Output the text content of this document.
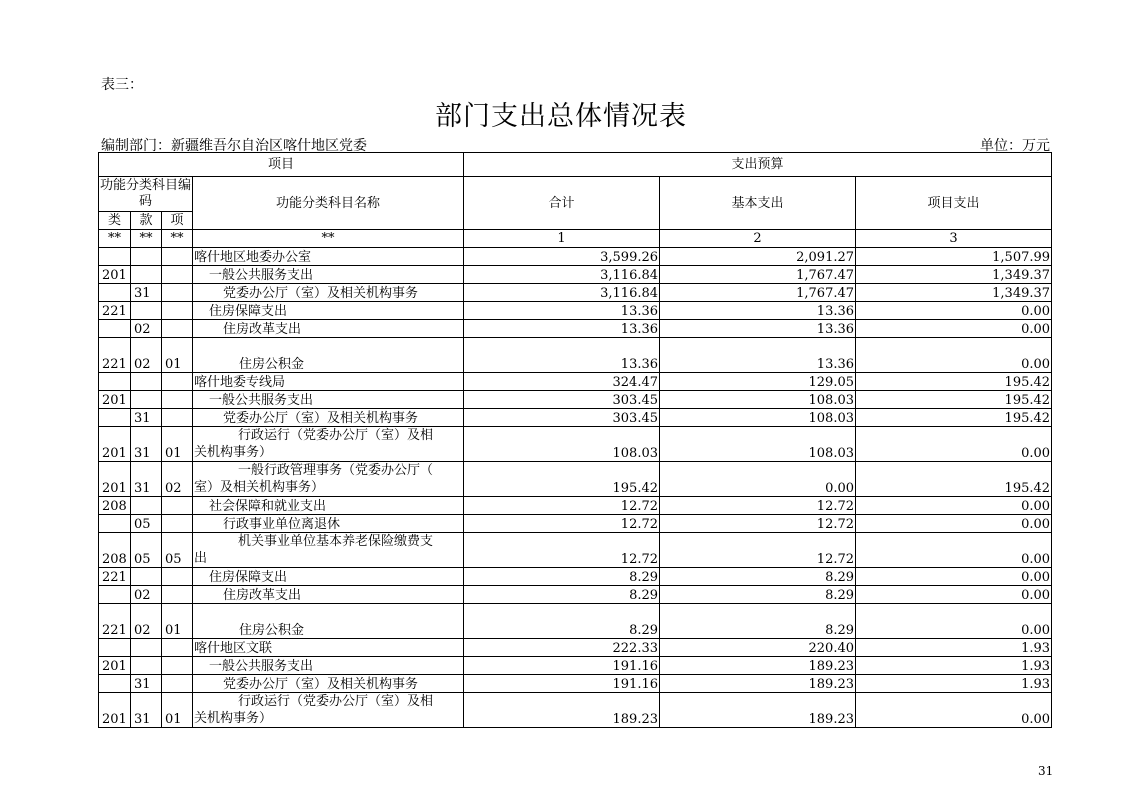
表三：
部门支出总体情况表
编制部门：新疆维吾尔自治区喀什地区党委	单位：万元
项目				支出预算		
功能分类科目编码			功能分类科目名称	合计	基本支出	项目支出
类	款	项				
**	**	**	**	1	2	3
			喀什地区地委办公室	3,599.26	2,091.27	1,507.99
201			一般公共服务支出	3,116.84	1,767.47	1,349.37
	31		党委办公厅（室）及相关机构事务	3,116.84	1,767.47	1,349.37
221			住房保障支出	13.36	13.36	0.00
	02		住房改革支出	13.36	13.36	0.00
221	02	01	住房公积金	13.36	13.36	0.00
			喀什地委专线局	324.47	129.05	195.42
201			一般公共服务支出	303.45	108.03	195.42
	31		党委办公厅（室）及相关机构事务	303.45	108.03	195.42
201	31	01	行政运行（党委办公厅（室）及相
关机构事务）	108.03	108.03	0.00
201	31	02	一般行政管理事务（党委办公厅（
室）及相关机构事务）	195.42	0.00	195.42
208			社会保障和就业支出	12.72	12.72	0.00
	05		行政事业单位离退休	12.72	12.72	0.00
208	05	05	机关事业单位基本养老保险缴费支
出	12.72	12.72	0.00
221			住房保障支出	8.29	8.29	0.00
	02		住房改革支出	8.29	8.29	0.00
221	02	01	住房公积金	8.29	8.29	0.00
			喀什地区文联	222.33	220.40	1.93
201			一般公共服务支出	191.16	189.23	1.93
	31		党委办公厅（室）及相关机构事务	191.16	189.23	1.93
201	31	01	行政运行（党委办公厅（室）及相
关机构事务）	189.23	189.23	0.00
31
